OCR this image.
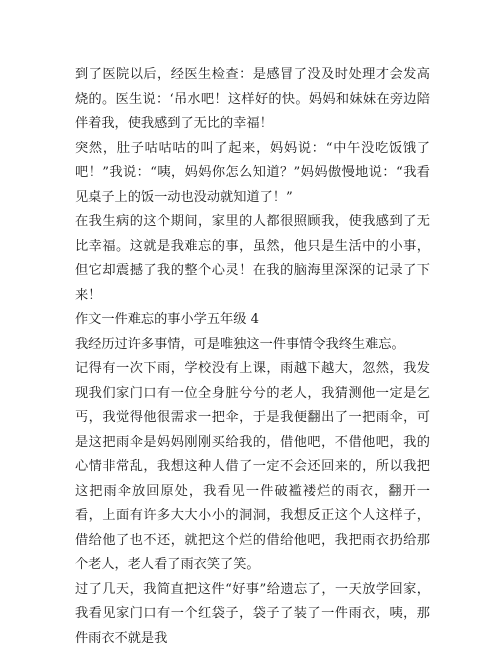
到了医院以后，经医生检查：是感冒了没及时处理才会发高烧的。医生说：‘吊水吧！这样好的快。妈妈和妹妹在旁边陪伴着我，使我感到了无比的幸福！

突然，肚子咕咕咕的叫了起来，妈妈说：“中午没吃饭饿了吧！”我说：“咦，妈妈你怎么知道？”妈妈傲慢地说：“我看见桌子上的饭一动也没动就知道了！”

在我生病的这个期间，家里的人都很照顾我，使我感到了无比幸福。这就是我难忘的事，虽然，他只是生活中的小事，但它却震撼了我的整个心灵！在我的脑海里深深的记录了下来！

作文一件难忘的事小学五年级 4

我经历过许多事情，可是唯独这一件事情令我终生难忘。

记得有一次下雨，学校没有上课，雨越下越大，忽然，我发现我们家门口有一位全身脏兮兮的老人，我猜测他一定是乞丐，我觉得他很需求一把伞，于是我便翻出了一把雨伞，可是这把雨伞是妈妈刚刚买给我的，借他吧，不借他吧，我的心情非常乱，我想这种人借了一定不会还回来的，所以我把这把雨伞放回原处，我看见一件破褴褛烂的雨衣，翻开一看，上面有许多大大小小的洞洞，我想反正这个人这样子，借给他了也不还，就把这个烂的借给他吧，我把雨衣扔给那个老人，老人看了雨衣笑了笑。

过了几天，我简直把这件“好事”给遗忘了，一天放学回家，我看见家门口有一个红袋子，袋子了装了一件雨衣，咦，那件雨衣不就是我
